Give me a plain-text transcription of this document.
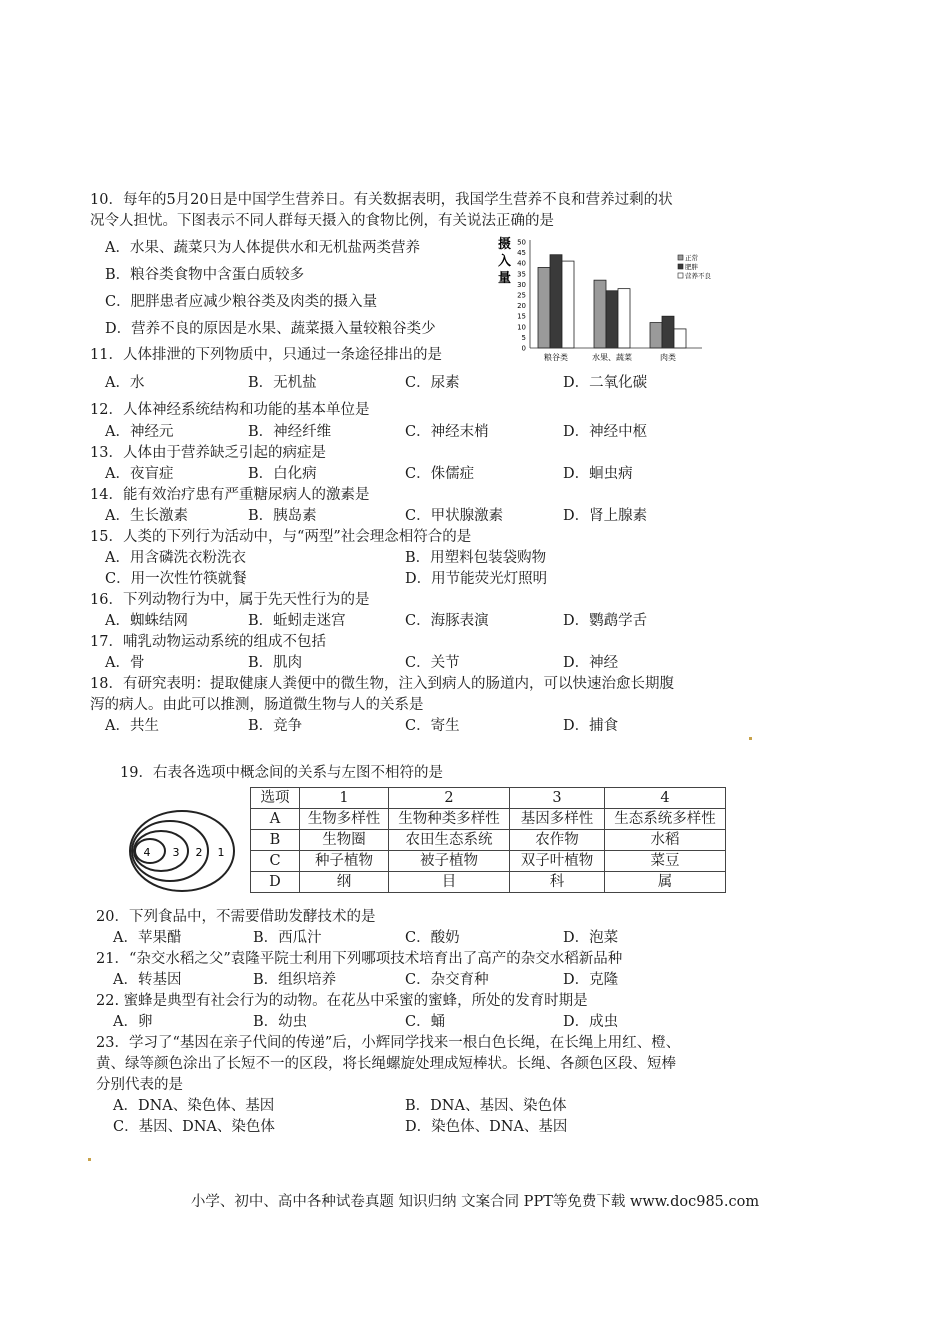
10．每年的5月20日是中国学生营养日。有关数据表明，我国学生营养不良和营养过剩的状
况令人担忧。下图表示不同人群每天摄入的食物比例，有关说法正确的是
A．水果、蔬菜只为人体提供水和无机盐两类营养
B．粮谷类食物中含蛋白质较多
C．肥胖患者应减少粮谷类及肉类的摄入量
D．营养不良的原因是水果、蔬菜摄入量较粮谷类少
摄
入
量
0
5
10
15
20
25
30
35
40
45
50
粮谷类	水果、蔬菜	肉类
正常
肥胖
营养不良
11．人体排泄的下列物质中，只通过一条途径排出的是
A．水	B．无机盐	C．尿素	D．二氧化碳
12．人体神经系统结构和功能的基本单位是
A．神经元	B．神经纤维	C．神经末梢	D．神经中枢
13．人体由于营养缺乏引起的病症是
A．夜盲症	B．白化病	C．侏儒症	D．蛔虫病
14．能有效治疗患有严重糖尿病人的激素是
A．生长激素	B．胰岛素	C．甲状腺激素	D．肾上腺素
15．人类的下列行为活动中，与“两型”社会理念相符合的是
A．用含磷洗衣粉洗衣	B．用塑料包装袋购物
C．用一次性竹筷就餐	D．用节能荧光灯照明
16．下列动物行为中，属于先天性行为的是
A．蜘蛛结网	B．蚯蚓走迷宫	C．海豚表演	D．鹦鹉学舌
17．哺乳动物运动系统的组成不包括
A．骨	B．肌肉	C．关节	D．神经
18．有研究表明：提取健康人粪便中的微生物，注入到病人的肠道内，可以快速治愈长期腹
泻的病人。由此可以推测，肠道微生物与人的关系是
A．共生	B．竞争	C．寄生	D．捕食
19．右表各选项中概念间的关系与左图不相符的是
4 3 2 1
选项	1	2	3	4
A	生物多样性	生物种类多样性	基因多样性	生态系统多样性
B	生物圈	农田生态系统	农作物	水稻
C	种子植物	被子植物	双子叶植物	菜豆
D	纲	目	科	属
20．下列食品中，不需要借助发酵技术的是
A．苹果醋	B．西瓜汁	C．酸奶	D．泡菜
21．“杂交水稻之父”袁隆平院士利用下列哪项技术培育出了高产的杂交水稻新品种
A．转基因	B．组织培养	C．杂交育种	D．克隆
22. 蜜蜂是典型有社会行为的动物。在花丛中采蜜的蜜蜂，所处的发育时期是
A．卵	B．幼虫	C．蛹	D．成虫
23．学习了“基因在亲子代间的传递”后，小辉同学找来一根白色长绳，在长绳上用红、橙、
黄、绿等颜色涂出了长短不一的区段，将长绳螺旋处理成短棒状。长绳、各颜色区段、短棒
分别代表的是
A．DNA、染色体、基因	B．DNA、基因、染色体
C．基因、DNA、染色体	D．染色体、DNA、基因
小学、初中、高中各种试卷真题 知识归纳 文案合同 PPT等免费下载 www.doc985.com
